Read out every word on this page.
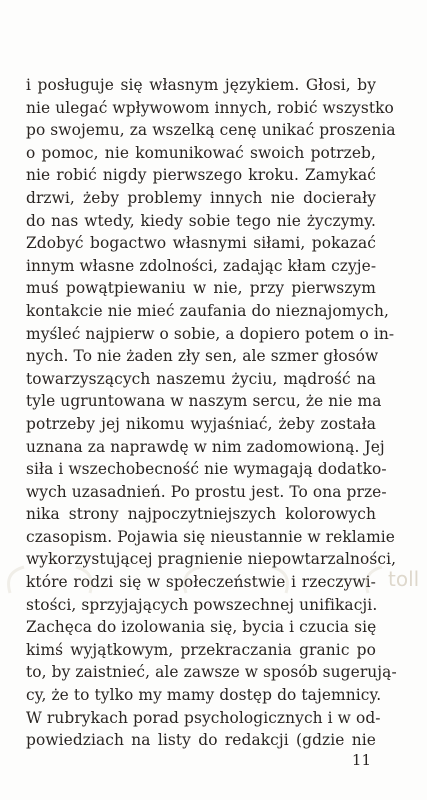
i posługuje się własnym językiem. Głosi, by
nie ulegać wpływowom innych, robić wszystko
po swojemu, za wszelką cenę unikać proszenia
o pomoc, nie komunikować swoich potrzeb,
nie robić nigdy pierwszego kroku. Zamykać
drzwi, żeby problemy innych nie docierały
do nas wtedy, kiedy sobie tego nie życzymy.
Zdobyć bogactwo własnymi siłami, pokazać
innym własne zdolności, zadając kłam czyje-
muś powątpiewaniu w nie, przy pierwszym
kontakcie nie mieć zaufania do nieznajomych,
myśleć najpierw o sobie, a dopiero potem o in-
nych. To nie żaden zły sen, ale szmer głosów
towarzyszących naszemu życiu, mądrość na
tyle ugruntowana w naszym sercu, że nie ma
potrzeby jej nikomu wyjaśniać, żeby została
uznana za naprawdę w nim zadomowioną. Jej
siła i wszechobecność nie wymagają dodatko-
wych uzasadnień. Po prostu jest. To ona prze-
nika strony najpoczytniejszych kolorowych
czasopism. Pojawia się nieustannie w reklamie
wykorzystującej pragnienie niepowtarzalności,
które rodzi się w społeczeństwie i rzeczywi-
stości, sprzyjających powszechnej unifikacji.
Zachęca do izolowania się, bycia i czucia się
kimś wyjątkowym, przekraczania granic po
to, by zaistnieć, ale zawsze w sposób sugerują-
cy, że to tylko my mamy dostęp do tajemnicy.
W rubrykach porad psychologicznych i w od-
powiedziach na listy do redakcji (gdzie nie
toll
11
